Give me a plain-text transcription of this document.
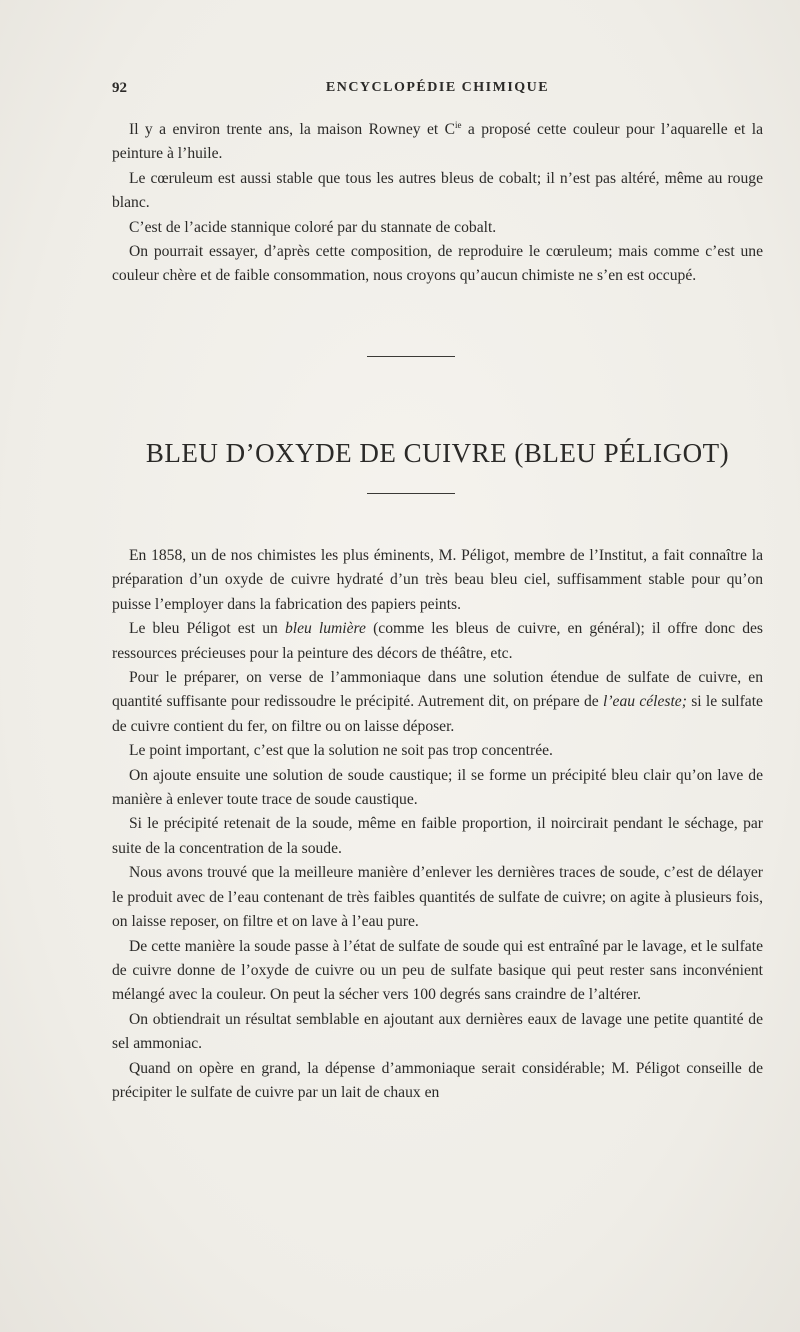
92	ENCYCLOPÉDIE CHIMIQUE

Il y a environ trente ans, la maison Rowney et $C^{ie}$ a proposé cette couleur pour l’aquarelle et la peinture à l’huile.

Le cœruleum est aussi stable que tous les autres bleus de cobalt; il n’est pas altéré, même au rouge blanc.

C’est de l’acide stannique coloré par du stannate de cobalt.

On pourrait essayer, d’après cette composition, de reproduire le cœruleum; mais comme c’est une couleur chère et de faible consommation, nous croyons qu’aucun chimiste ne s’en est occupé.

BLEU D’OXYDE DE CUIVRE (BLEU PÉLIGOT)

En 1858, un de nos chimistes les plus éminents, M. Péligot, membre de l’Institut, a fait connaître la préparation d’un oxyde de cuivre hydraté d’un très beau bleu ciel, suffisamment stable pour qu’on puisse l’employer dans la fabrication des papiers peints.

Le bleu Péligot est un bleu lumière (comme les bleus de cuivre, en général); il offre donc des ressources précieuses pour la peinture des décors de théâtre, etc.

Pour le préparer, on verse de l’ammoniaque dans une solution étendue de sulfate de cuivre, en quantité suffisante pour redissoudre le précipité. Autrement dit, on prépare de l’eau céleste; si le sulfate de cuivre contient du fer, on filtre ou on laisse déposer.

Le point important, c’est que la solution ne soit pas trop concentrée.

On ajoute ensuite une solution de soude caustique; il se forme un précipité bleu clair qu’on lave de manière à enlever toute trace de soude caustique.

Si le précipité retenait de la soude, même en faible proportion, il noircirait pendant le séchage, par suite de la concentration de la soude.

Nous avons trouvé que la meilleure manière d’enlever les dernières traces de soude, c’est de délayer le produit avec de l’eau contenant de très faibles quantités de sulfate de cuivre; on agite à plusieurs fois, on laisse reposer, on filtre et on lave à l’eau pure.

De cette manière la soude passe à l’état de sulfate de soude qui est entraîné par le lavage, et le sulfate de cuivre donne de l’oxyde de cuivre ou un peu de sulfate basique qui peut rester sans inconvénient mélangé avec la couleur. On peut la sécher vers 100 degrés sans craindre de l’altérer.

On obtiendrait un résultat semblable en ajoutant aux dernières eaux de lavage une petite quantité de sel ammoniac.

Quand on opère en grand, la dépense d’ammoniaque serait considérable; M. Péligot conseille de précipiter le sulfate de cuivre par un lait de chaux en
